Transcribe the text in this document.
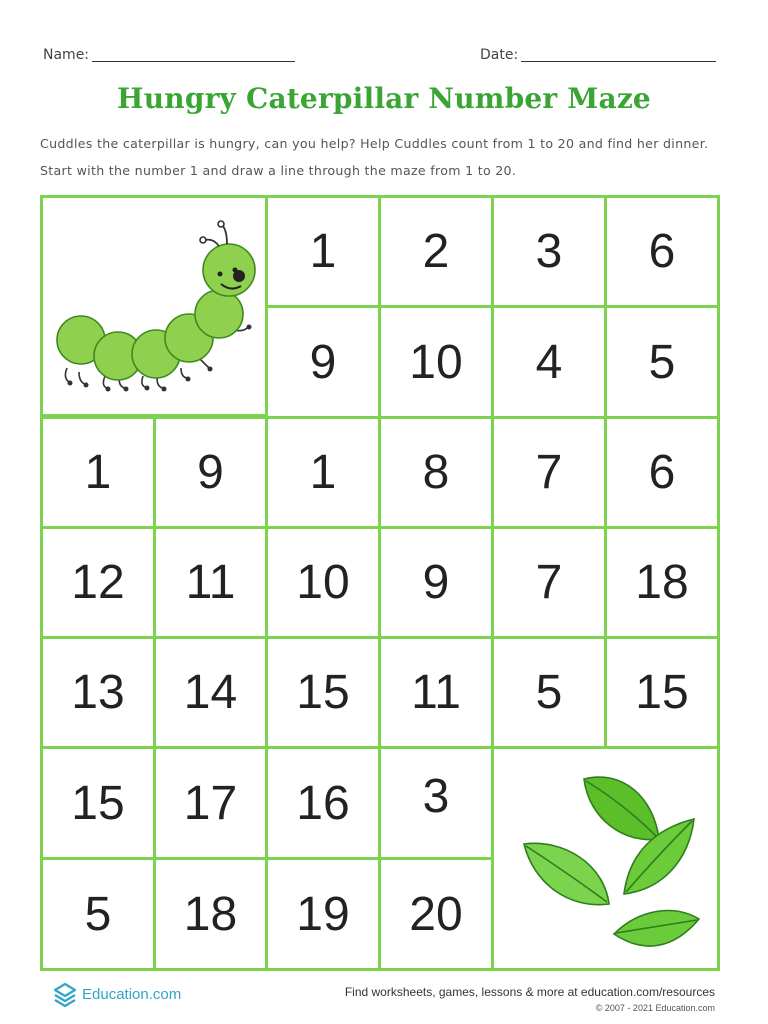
Name:	Date:
Hungry Caterpillar Number Maze
Cuddles the caterpillar is hungry, can you help? Help Cuddles count from 1 to 20 and find her dinner.
Start with the number 1 and draw a line through the maze from 1 to 20.
1	2	3	6
9	10	4	5
1	9	1	8	7	6
12	11	10	9	7	18
13	14	15	11	5	15
15	17	16	3
5	18	19	20
Education.com	Find worksheets, games, lessons & more at education.com/resources
© 2007 - 2021 Education.com
